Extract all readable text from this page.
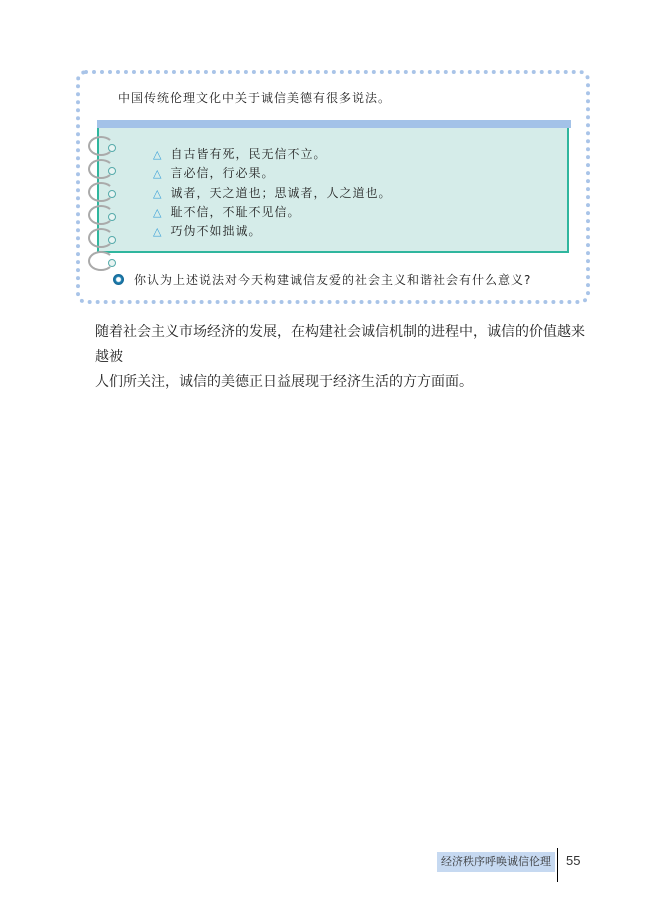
中国传统伦理文化中关于诚信美德有很多说法。
△ 自古皆有死，民无信不立。
△ 言必信，行必果。
△ 诚者，天之道也；思诚者，人之道也。
△ 耻不信，不耻不见信。
△ 巧伪不如拙诚。
你认为上述说法对今天构建诚信友爱的社会主义和谐社会有什么意义?
随着社会主义市场经济的发展，在构建社会诚信机制的进程中，诚信的价值越来越被
人们所关注，诚信的美德正日益展现于经济生活的方方面面。
经济秩序呼唤诚信伦理	55
